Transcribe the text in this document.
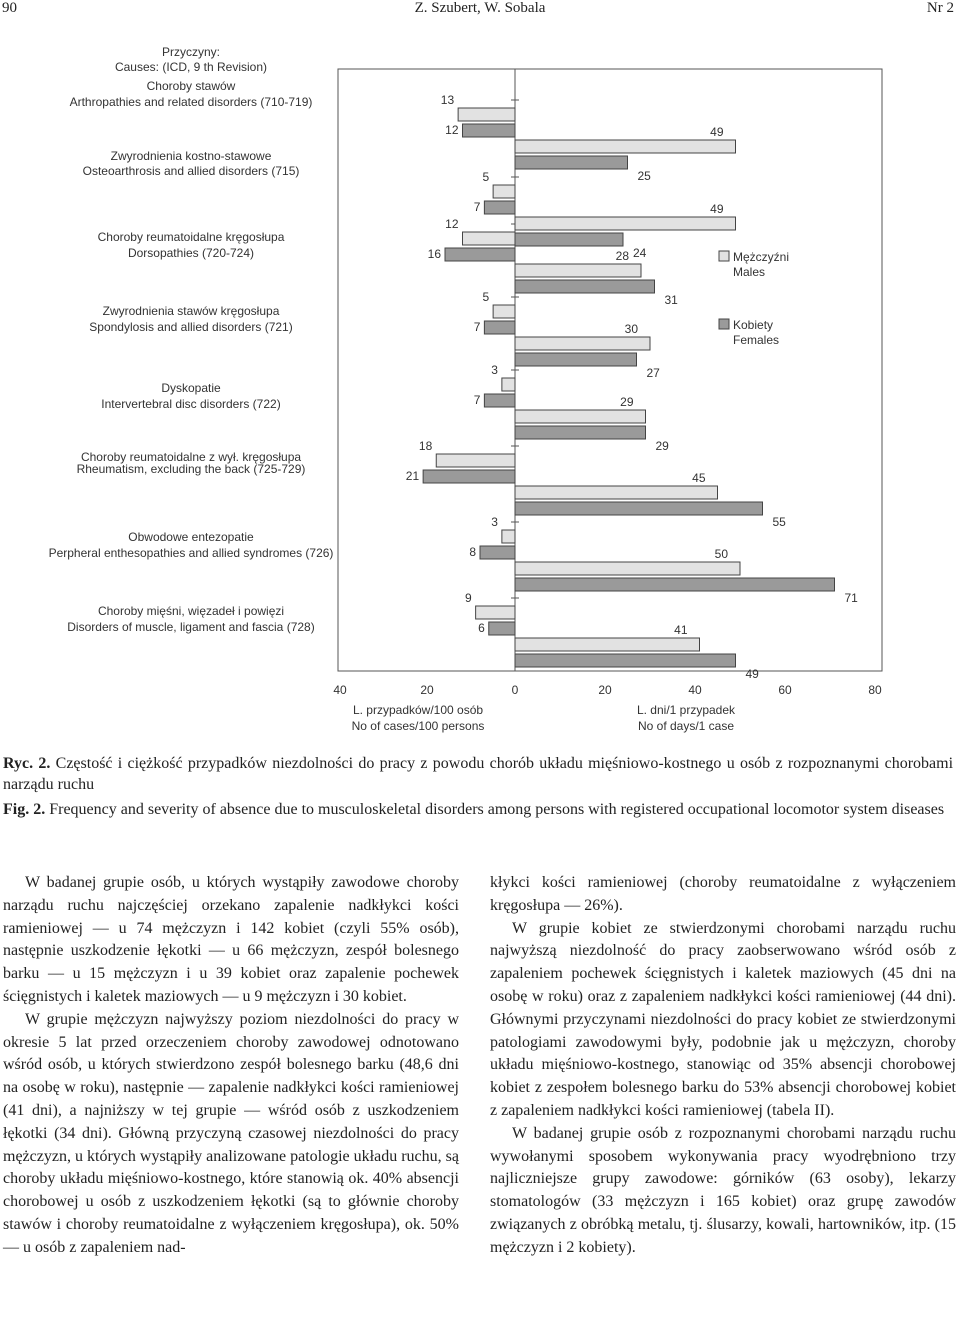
90	Z. Szubert, W. Sobala	Nr 2
Przyczyny:
Causes: (ICD, 9 th Revision)
Choroby stawów
Arthropathies and related disorders (710-719)
Zwyrodnienia kostno-stawowe
Osteoarthrosis and allied disorders (715)
Choroby reumatoidalne kręgosłupa
Dorsopathies (720-724)
Zwyrodnienia stawów kręgosłupa
Spondylosis and allied disorders (721)
Dyskopatie
Intervertebral disc disorders (722)
Choroby reumatoidalne z wył. kręgosłupa
Rheumatism, excluding the back (725-729)
Obwodowe entezopatie
Perpheral enthesopathies and allied syndromes (726)
Choroby mięśni, więzadeł i powięzi
Disorders of muscle, ligament and fascia (728)
13
12	49
25
5
7	49
24
12
16	28
31
5
7	30
27
3
7	29
29
18
21	45
55
3
8	50
71
9
6	41
49
40	20	0	20	40	60	80
L. przypadków/100 osób
No of cases/100 persons
L. dni/1 przypadek
No of days/1 case
Mężczyźni
Males
Kobiety
Females
Ryc. 2. Częstość i ciężkość przypadków niezdolności do pracy z powodu chorób układu mięśniowo-kostnego u osób z rozpoznanymi chorobami narządu ruchu
Fig. 2. Frequency and severity of absence due to musculoskeletal disorders among persons with registered occupational locomotor system diseases

W badanej grupie osób, u których wystąpiły zawodowe choroby narządu ruchu najczęściej orzekano zapalenie nadkłykci kości ramieniowej — u 74 mężczyzn i 142 kobiet (czyli 55% osób), następnie uszkodzenie łękotki — u 66 mężczyzn, zespół bolesnego barku — u 15 mężczyzn i u 39 kobiet oraz zapalenie pochewek ścięgnistych i kaletek maziowych — u 9 mężczyzn i 30 kobiet.

W grupie mężczyzn najwyższy poziom niezdolności do pracy w okresie 5 lat przed orzeczeniem choroby zawodowej odnotowano wśród osób, u których stwierdzono zespół bolesnego barku (48,6 dni na osobę w roku), następnie — zapalenie nadkłykci kości ramieniowej (41 dni), a najniższy w tej grupie — wśród osób z uszkodzeniem łękotki (34 dni). Główną przyczyną czasowej niezdolności do pracy mężczyzn, u których wystąpiły analizowane patologie układu ruchu, są choroby układu mięśniowo-kostnego, które stanowią ok. 40% absencji chorobowej u osób z uszkodzeniem łękotki (są to głównie choroby stawów i choroby reumatoidalne z wyłączeniem kręgosłupa), ok. 50% — u osób z zapaleniem nad-

kłykci kości ramieniowej (choroby reumatoidalne z wyłączeniem kręgosłupa — 26%).

W grupie kobiet ze stwierdzonymi chorobami narządu ruchu najwyższą niezdolność do pracy zaobserwowano wśród osób z zapaleniem pochewek ścięgnistych i kaletek maziowych (45 dni na osobę w roku) oraz z zapaleniem nadkłykci kości ramieniowej (44 dni). Głównymi przyczynami niezdolności do pracy kobiet ze stwierdzonymi patologiami zawodowymi były, podobnie jak u mężczyzn, choroby układu mięśniowo-kostnego, stanowiąc od 35% absencji chorobowej kobiet z zespołem bolesnego barku do 53% absencji chorobowej kobiet z zapaleniem nadkłykci kości ramieniowej (tabela II).

W badanej grupie osób z rozpoznanymi chorobami narządu ruchu wywołanymi sposobem wykonywania pracy wyodrębniono trzy najliczniejsze grupy zawodowe: górników (63 osoby), lekarzy stomatologów (33 mężczyzn i 165 kobiet) oraz grupę zawodów związanych z obróbką metalu, tj. ślusarzy, kowali, hartowników, itp. (15 mężczyzn i 2 kobiety).
